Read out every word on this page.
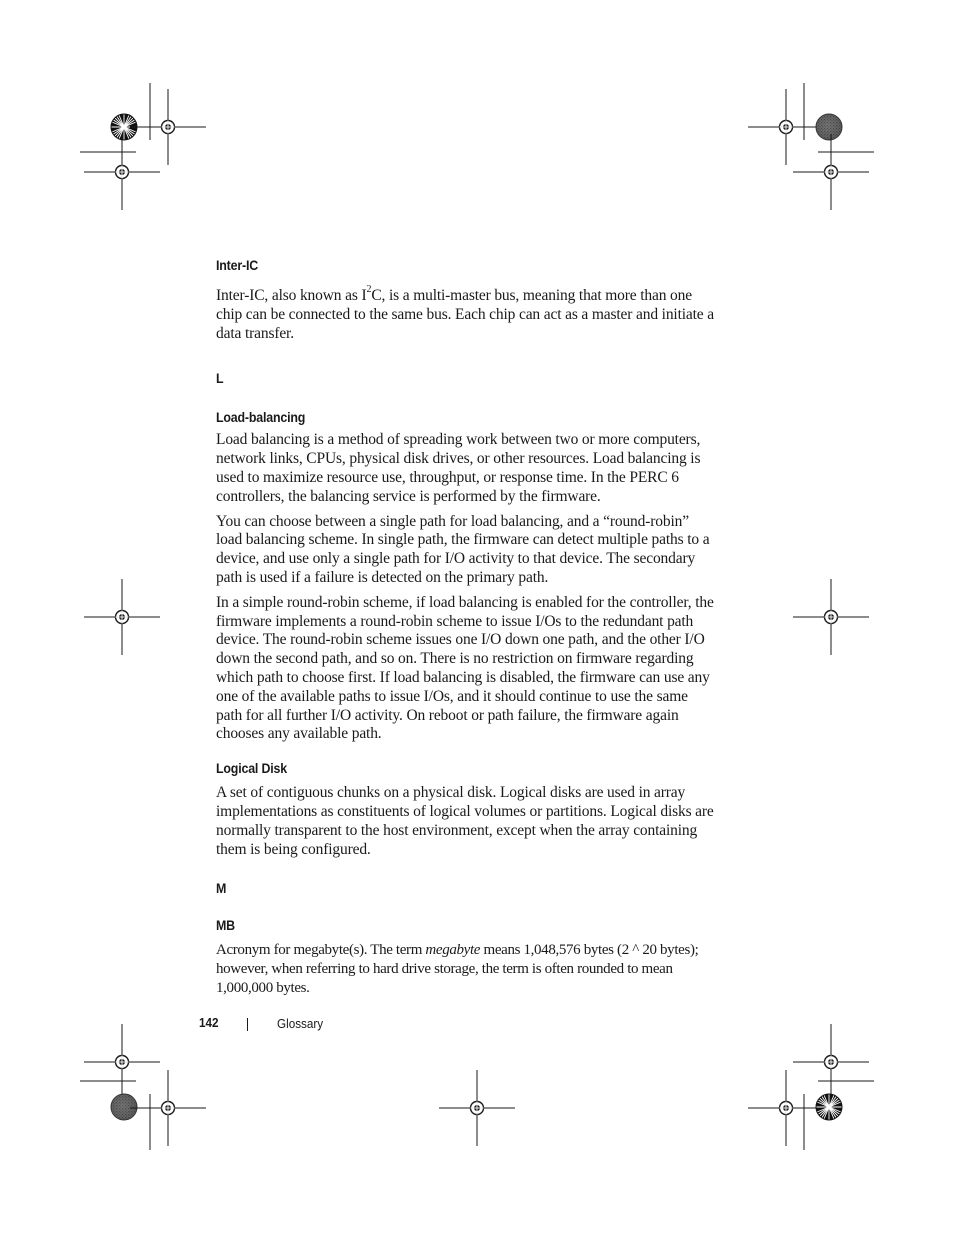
Inter-IC

Inter-IC, also known as $I^2C$, is a multi-master bus, meaning that more than one chip can be connected to the same bus. Each chip can act as a master and initiate a data transfer.

L
Load-balancing

Load balancing is a method of spreading work between two or more computers, network links, CPUs, physical disk drives, or other resources. Load balancing is used to maximize resource use, throughput, or response time. In the PERC 6 controllers, the balancing service is performed by the firmware.

You can choose between a single path for load balancing, and a “round-robin” load balancing scheme. In single path, the firmware can detect multiple paths to a device, and use only a single path for I/O activity to that device. The secondary path is used if a failure is detected on the primary path.

In a simple round-robin scheme, if load balancing is enabled for the controller, the firmware implements a round-robin scheme to issue I/Os to the redundant path device. The round-robin scheme issues one I/O down one path, and the other I/O down the second path, and so on. There is no restriction on firmware regarding which path to choose first. If load balancing is disabled, the firmware can use any one of the available paths to issue I/Os, and it should continue to use the same path for all further I/O activity. On reboot or path failure, the firmware again chooses any available path.

Logical Disk

A set of contiguous chunks on a physical disk. Logical disks are used in array implementations as constituents of logical volumes or partitions. Logical disks are normally transparent to the host environment, except when the array containing them is being configured.

M
MB

Acronym for megabyte(s). The term megabyte means 1,048,576 bytes (2 ^ 20 bytes); however, when referring to hard drive storage, the term is often rounded to mean 1,000,000 bytes.

142	Glossary
